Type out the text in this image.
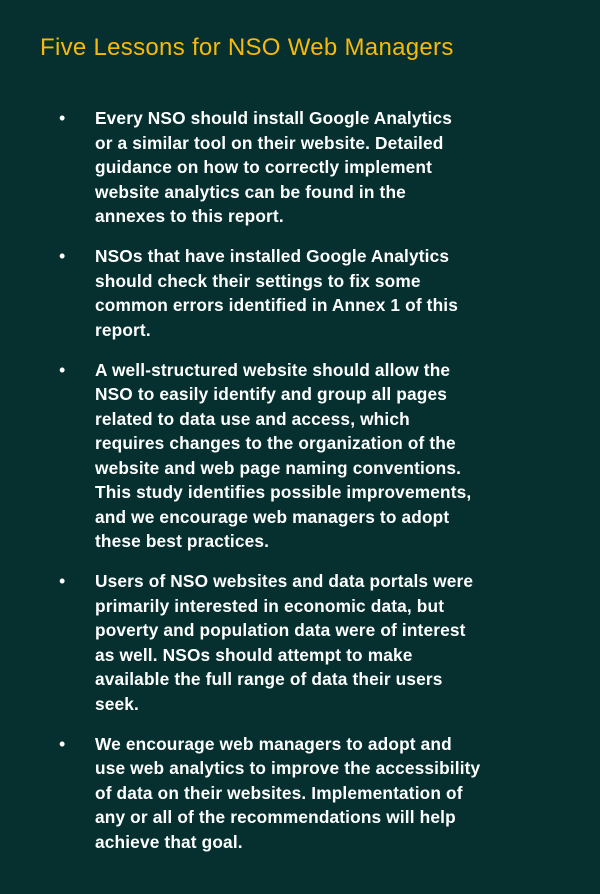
Five Lessons for NSO Web Managers
• Every NSO should install Google Analytics
or a similar tool on their website. Detailed
guidance on how to correctly implement
website analytics can be found in the
annexes to this report.
• NSOs that have installed Google Analytics
should check their settings to fix some
common errors identified in Annex 1 of this
report.
• A well-structured website should allow the
NSO to easily identify and group all pages
related to data use and access, which
requires changes to the organization of the
website and web page naming conventions.
This study identifies possible improvements,
and we encourage web managers to adopt
these best practices.
• Users of NSO websites and data portals were
primarily interested in economic data, but
poverty and population data were of interest
as well. NSOs should attempt to make
available the full range of data their users
seek.
• We encourage web managers to adopt and
use web analytics to improve the accessibility
of data on their websites. Implementation of
any or all of the recommendations will help
achieve that goal.
